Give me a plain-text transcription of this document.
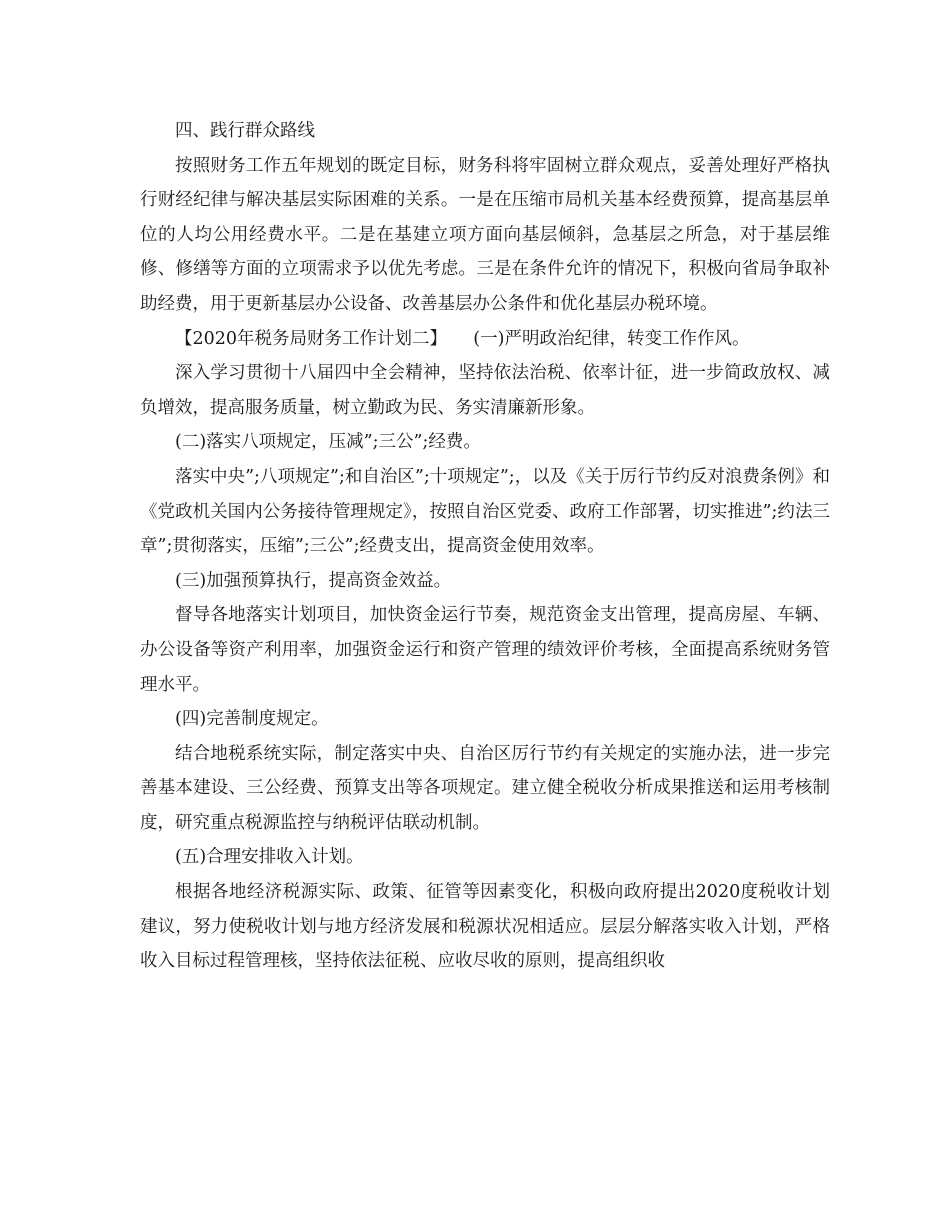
四、践行群众路线

按照财务工作五年规划的既定目标，财务科将牢固树立群众观点，妥善处理好严格执行财经纪律与解决基层实际困难的关系。一是在压缩市局机关基本经费预算，提高基层单位的人均公用经费水平。二是在基建立项方面向基层倾斜，急基层之所急，对于基层维修、修缮等方面的立项需求予以优先考虑。三是在条件允许的情况下，积极向省局争取补助经费，用于更新基层办公设备、改善基层办公条件和优化基层办税环境。

【2020年税务局财务工作计划二】　　(一)严明政治纪律，转变工作作风。

深入学习贯彻十八届四中全会精神，坚持依法治税、依率计征，进一步简政放权、减负增效，提高服务质量，树立勤政为民、务实清廉新形象。

(二)落实八项规定，压减”;三公”;经费。

落实中央”;八项规定”;和自治区”;十项规定”;，以及《关于厉行节约反对浪费条例》和《党政机关国内公务接待管理规定》，按照自治区党委、政府工作部署，切实推进”;约法三章”;贯彻落实，压缩”;三公”;经费支出，提高资金使用效率。

(三)加强预算执行，提高资金效益。

督导各地落实计划项目，加快资金运行节奏，规范资金支出管理，提高房屋、车辆、办公设备等资产利用率，加强资金运行和资产管理的绩效评价考核，全面提高系统财务管理水平。

(四)完善制度规定。

结合地税系统实际，制定落实中央、自治区厉行节约有关规定的实施办法，进一步完善基本建设、三公经费、预算支出等各项规定。建立健全税收分析成果推送和运用考核制度，研究重点税源监控与纳税评估联动机制。

(五)合理安排收入计划。

根据各地经济税源实际、政策、征管等因素变化，积极向政府提出2020度税收计划建议，努力使税收计划与地方经济发展和税源状况相适应。层层分解落实收入计划，严格收入目标过程管理核，坚持依法征税、应收尽收的原则，提高组织收
